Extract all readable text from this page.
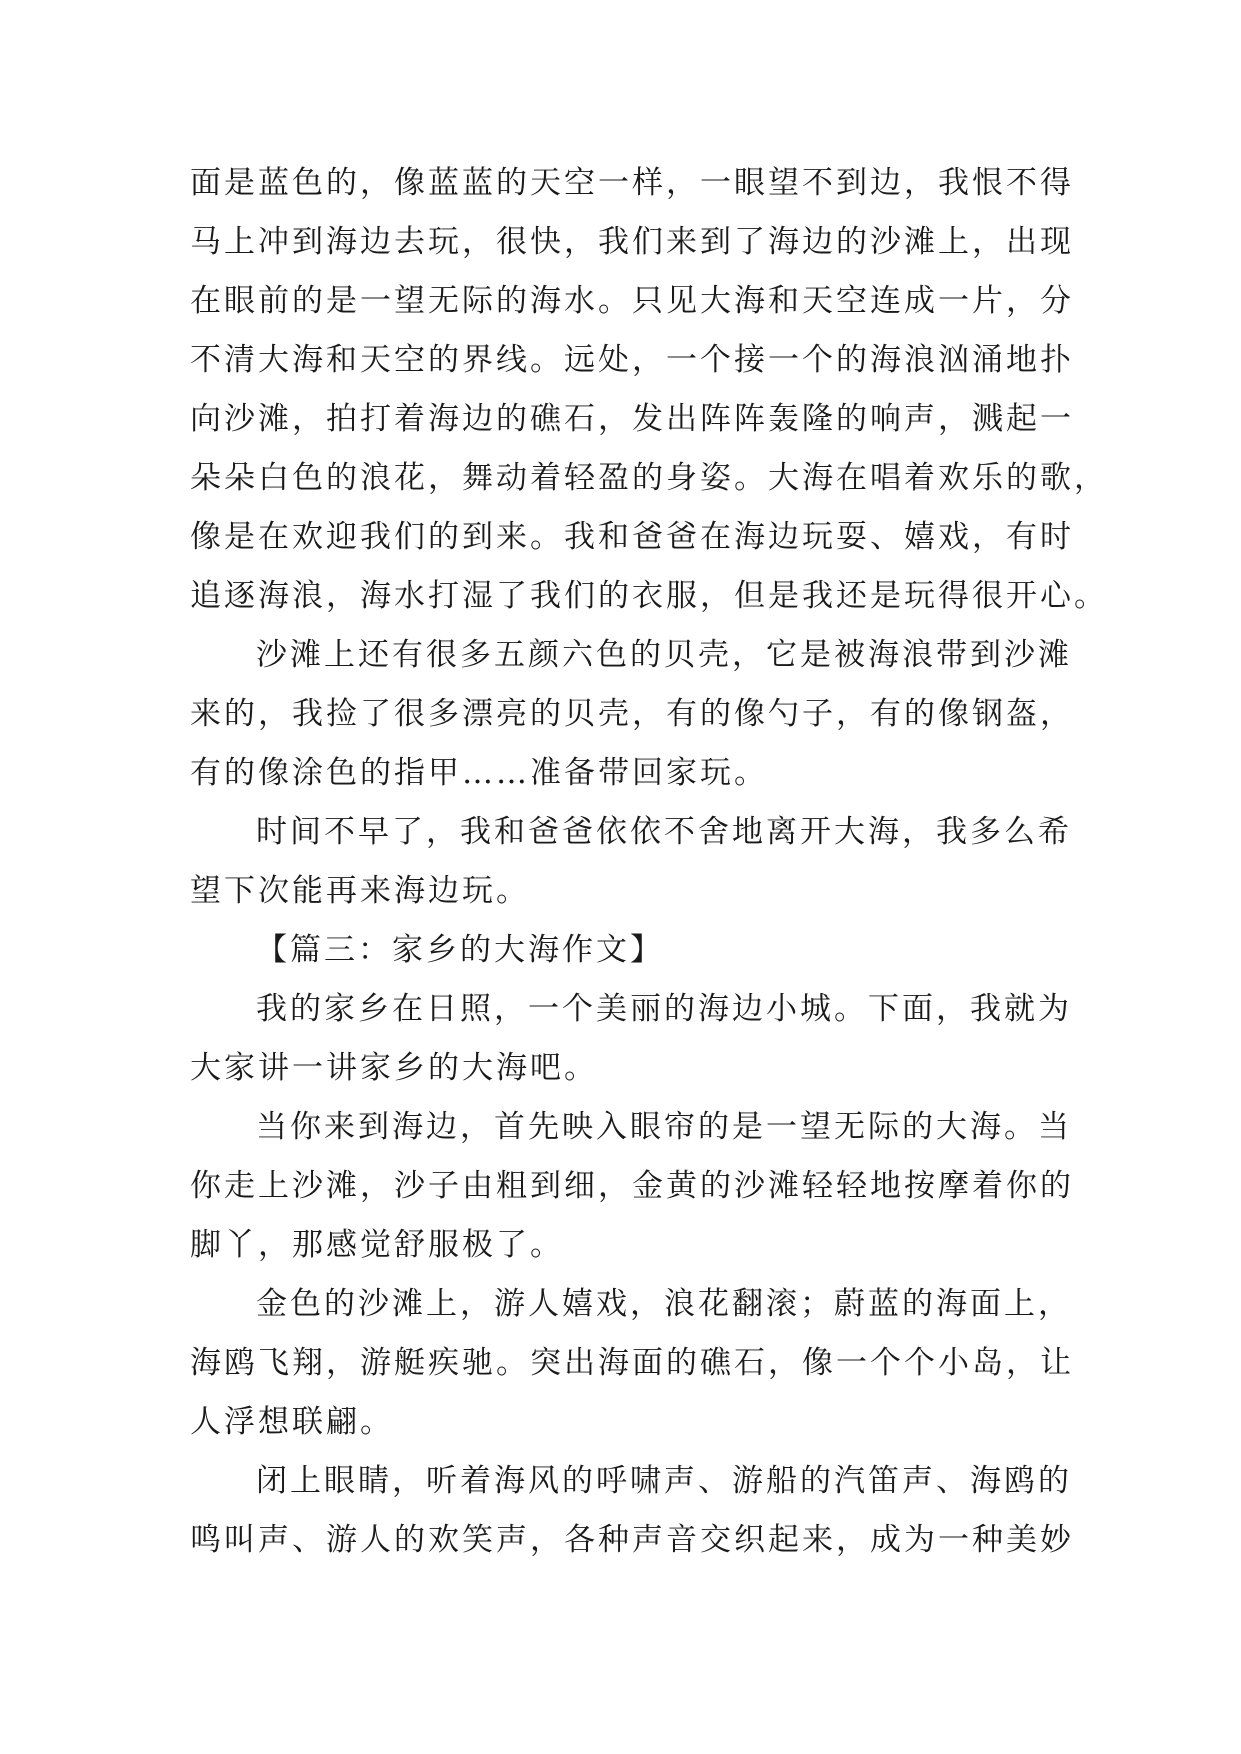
面是蓝色的，像蓝蓝的天空一样，一眼望不到边，我恨不得
马上冲到海边去玩，很快，我们来到了海边的沙滩上，出现
在眼前的是一望无际的海水。只见大海和天空连成一片，分
不清大海和天空的界线。远处，一个接一个的海浪汹涌地扑
向沙滩，拍打着海边的礁石，发出阵阵轰隆的响声，溅起一
朵朵白色的浪花，舞动着轻盈的身姿。大海在唱着欢乐的歌，
像是在欢迎我们的到来。我和爸爸在海边玩耍、嬉戏，有时
追逐海浪，海水打湿了我们的衣服，但是我还是玩得很开心。
沙滩上还有很多五颜六色的贝壳，它是被海浪带到沙滩
来的，我捡了很多漂亮的贝壳，有的像勺子，有的像钢盔，
有的像涂色的指甲……准备带回家玩。
时间不早了，我和爸爸依依不舍地离开大海，我多么希
望下次能再来海边玩。
【篇三：家乡的大海作文】
我的家乡在日照，一个美丽的海边小城。下面，我就为
大家讲一讲家乡的大海吧。
当你来到海边，首先映入眼帘的是一望无际的大海。当
你走上沙滩，沙子由粗到细，金黄的沙滩轻轻地按摩着你的
脚丫，那感觉舒服极了。
金色的沙滩上，游人嬉戏，浪花翻滚；蔚蓝的海面上，
海鸥飞翔，游艇疾驰。突出海面的礁石，像一个个小岛，让
人浮想联翩。
闭上眼睛，听着海风的呼啸声、游船的汽笛声、海鸥的
鸣叫声、游人的欢笑声，各种声音交织起来，成为一种美妙
